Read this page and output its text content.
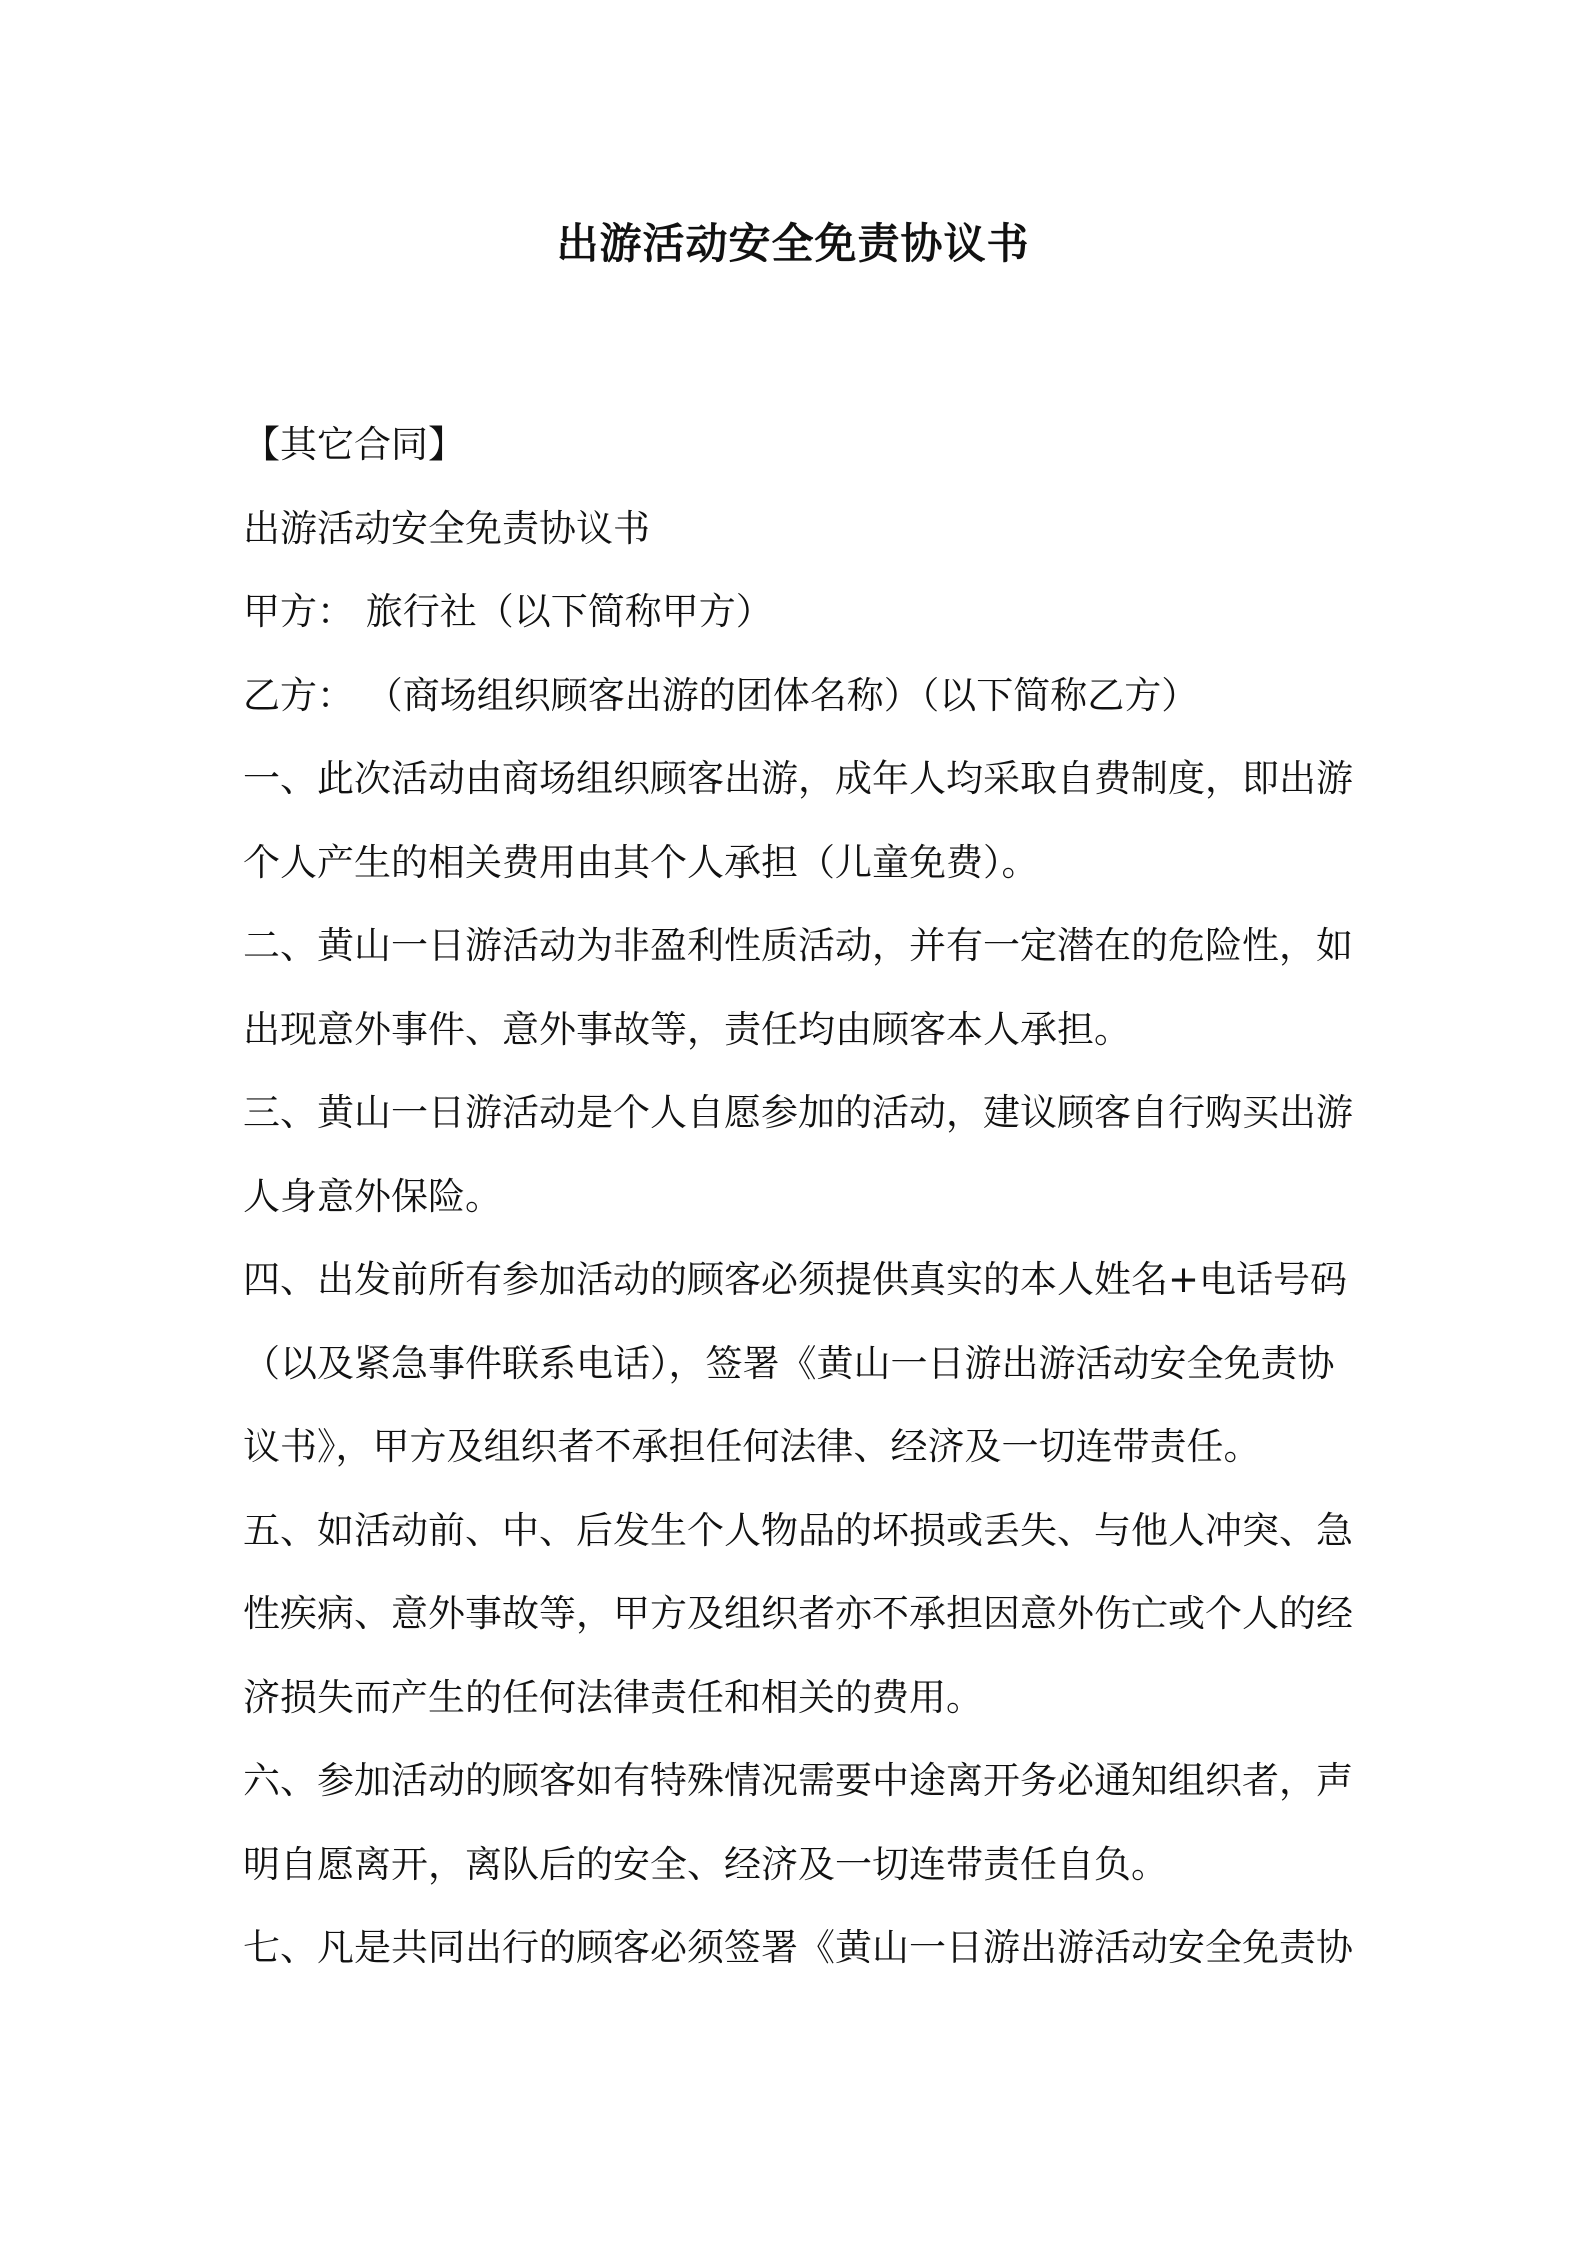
出游活动安全免责协议书
【其它合同】
出游活动安全免责协议书
甲方： 旅行社（以下简称甲方）
乙方： （商场组织顾客出游的团体名称）（以下简称乙方）
一、此次活动由商场组织顾客出游，成年人均采取自费制度，即出游
个人产生的相关费用由其个人承担（儿童免费）。
二、黄山一日游活动为非盈利性质活动，并有一定潜在的危险性，如
出现意外事件、意外事故等，责任均由顾客本人承担。
三、黄山一日游活动是个人自愿参加的活动，建议顾客自行购买出游
人身意外保险。
四、出发前所有参加活动的顾客必须提供真实的本人姓名+电话号码
（以及紧急事件联系电话），签署《黄山一日游出游活动安全免责协
议书》，甲方及组织者不承担任何法律、经济及一切连带责任。
五、如活动前、中、后发生个人物品的坏损或丢失、与他人冲突、急
性疾病、意外事故等，甲方及组织者亦不承担因意外伤亡或个人的经
济损失而产生的任何法律责任和相关的费用。
六、参加活动的顾客如有特殊情况需要中途离开务必通知组织者，声
明自愿离开，离队后的安全、经济及一切连带责任自负。
七、凡是共同出行的顾客必须签署《黄山一日游出游活动安全免责协
